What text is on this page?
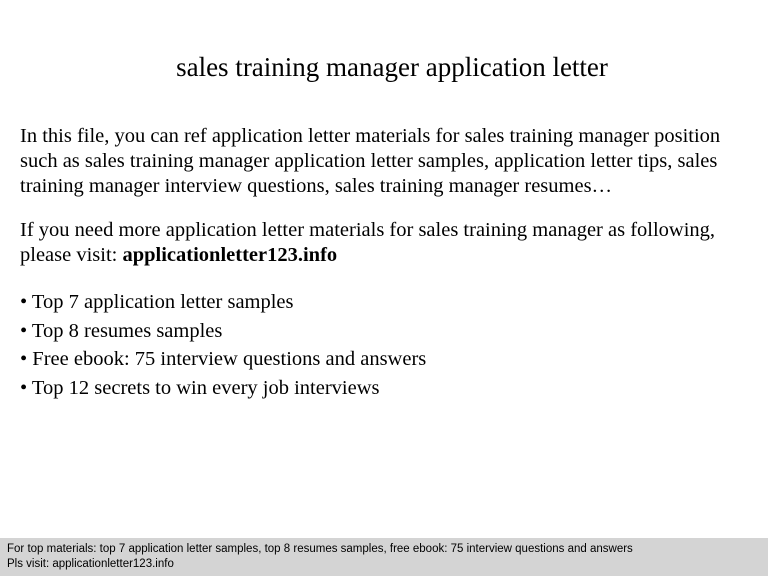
sales training manager application letter
In this file, you can ref application letter materials for sales training manager position
such as sales training manager application letter samples, application letter tips, sales
training manager interview questions, sales training manager resumes…
If you need more application letter materials for sales training manager as following,
please visit: applicationletter123.info
• Top 7 application letter samples
• Top 8 resumes samples
• Free ebook: 75 interview questions and answers
• Top 12 secrets to win every job interviews
For top materials: top 7 application letter samples, top 8 resumes samples, free ebook: 75 interview questions and answers
Pls visit: applicationletter123.info
